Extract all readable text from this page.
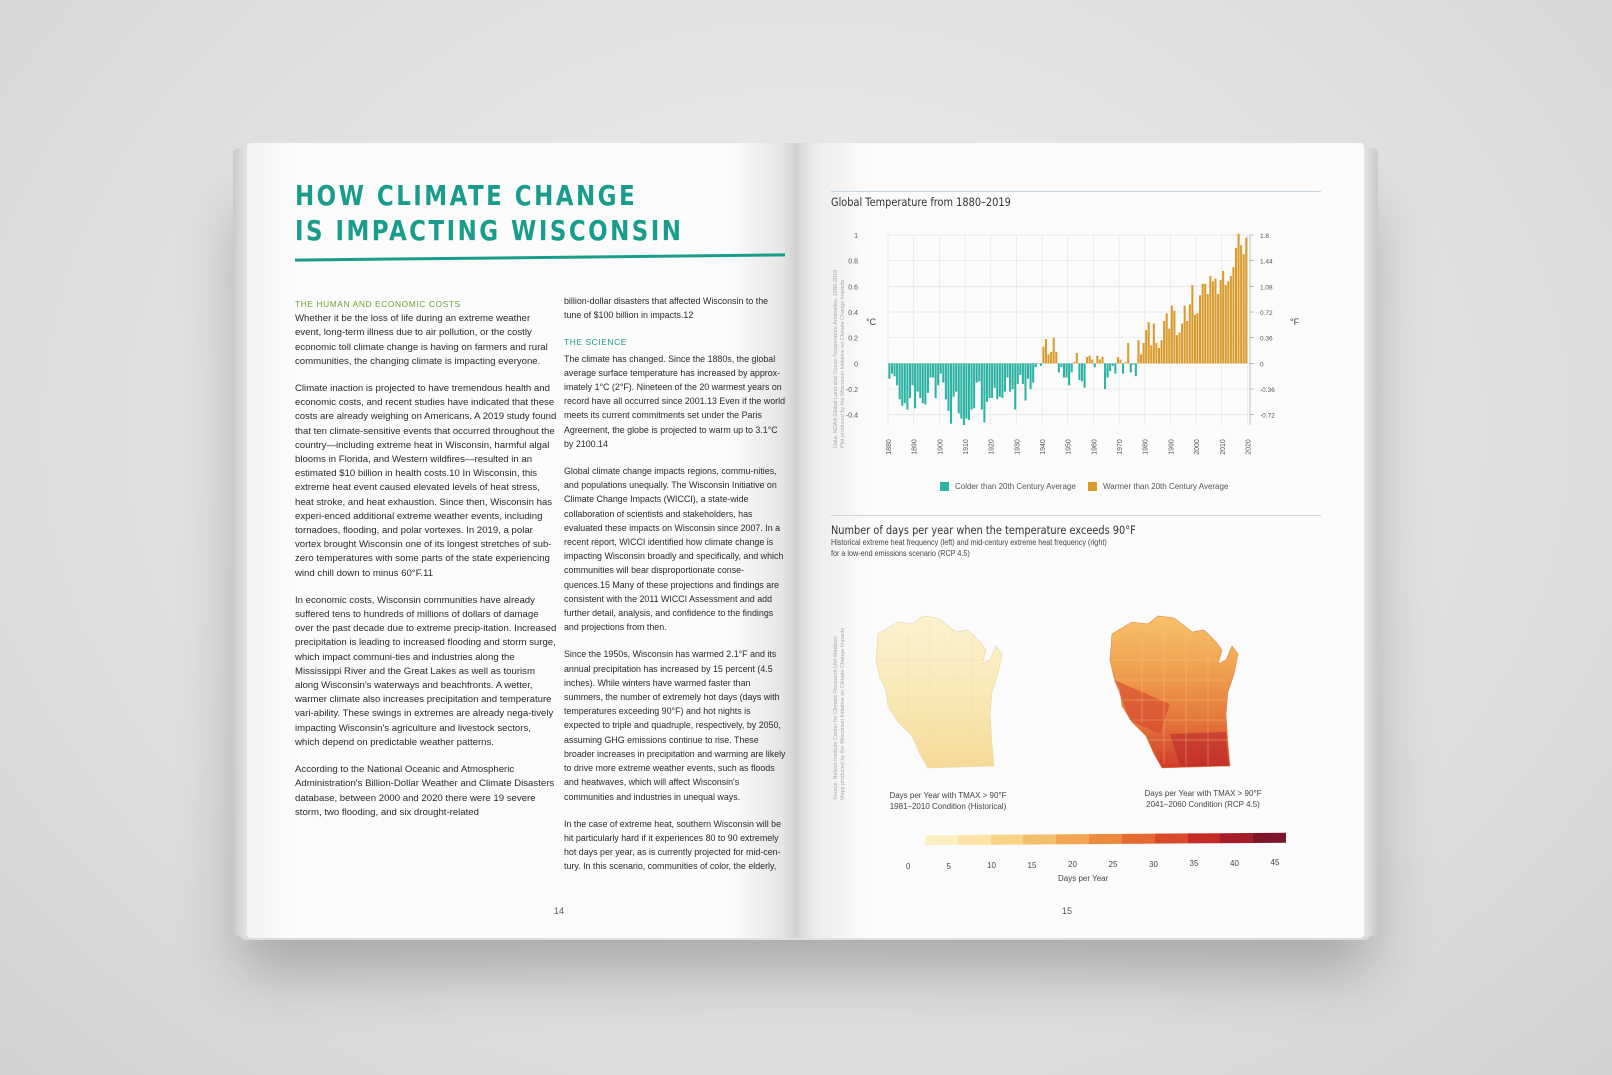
HOW CLIMATE CHANGE
IS IMPACTING WISCONSIN
THE HUMAN AND ECONOMIC COSTS

Whether it be the loss of life during an extreme weather event, long-term illness due to air pollution, or the costly economic toll climate change is having on farmers and rural communities, the changing climate is impacting everyone.

Climate inaction is projected to have tremendous health and economic costs, and recent studies have indicated that these costs are already weighing on Americans. A 2019 study found that ten climate-sensitive events that occurred throughout the country—including extreme heat in Wisconsin, harmful algal blooms in Florida, and Western wildfires—resulted in an estimated $10 billion in health costs.10 In Wisconsin, this extreme heat event caused elevated levels of heat stress, heat stroke, and heat exhaustion. Since then, Wisconsin has experi-enced additional extreme weather events, including tornadoes, flooding, and polar vortexes. In 2019, a polar vortex brought Wisconsin one of its longest stretches of sub-zero temperatures with some parts of the state experiencing wind chill down to minus 60°F.11

In economic costs, Wisconsin communities have already suffered tens to hundreds of millions of dollars of damage over the past decade due to extreme precip-itation. Increased precipitation is leading to increased flooding and storm surge, which impact communi-ties and industries along the Mississippi River and the Great Lakes as well as tourism along Wisconsin's waterways and beachfronts. A wetter, warmer climate also increases precipitation and temperature vari-ability. These swings in extremes are already nega-tively impacting Wisconsin's agriculture and livestock sectors, which depend on predictable weather patterns.

According to the National Oceanic and Atmospheric Administration's Billion-Dollar Weather and Climate Disasters database, between 2000 and 2020 there were 19 severe storm, two flooding, and six drought-related

billion-dollar disasters that affected Wisconsin to the tune of $100 billion in impacts.12

THE SCIENCE

The climate has changed. Since the 1880s, the global average surface temperature has increased by approx-imately 1°C (2°F). Nineteen of the 20 warmest years on record have all occurred since 2001.13 Even if the world meets its current commitments set under the Paris Agreement, the globe is projected to warm up to 3.1°C by 2100.14

Global climate change impacts regions, commu-nities, and populations unequally. The Wisconsin Initiative on Climate Change Impacts (WICCI), a state-wide collaboration of scientists and stakeholders, has evaluated these impacts on Wisconsin since 2007. In a recent report, WICCI identified how climate change is impacting Wisconsin broadly and specifically, and which communities will bear disproportionate conse-quences.15 Many of these projections and findings are consistent with the 2011 WICCI Assessment and add further detail, analysis, and confidence to the findings and projections from then.

Since the 1950s, Wisconsin has warmed 2.1°F and its annual precipitation has increased by 15 percent (4.5 inches). While winters have warmed faster than summers, the number of extremely hot days (days with temperatures exceeding 90°F) and hot nights is expected to triple and quadruple, respectively, by 2050, assuming GHG emissions continue to rise. These broader increases in precipitation and warming are likely to drive more extreme weather events, such as floods and heatwaves, which will affect Wisconsin's communities and industries in unequal ways.

In the case of extreme heat, southern Wisconsin will be hit particularly hard if it experiences 80 to 90 extremely hot days per year, as is currently projected for mid-cen-tury. In this scenario, communities of color, the elderly,

14
Global Temperature from 1880–2019
1880	1890	1900	1910	1920	1930	1940	1950	1960	1970	1980	1990	2000	2010	2020
1
0.8
0.6
0.4
0.2
0
-0.2
-0.4
1.8
1.44
1.08
0.72
0.36
0
-0.36
-0.72
°C	°F
Data: NOAA Global Land and Ocean Temperature Anomalies, 1880-2019
Plot produced by the Wisconsin Initiative on Climate Change Impacts
Colder than 20th Century Average	Warmer than 20th Century Average
Number of days per year when the temperature exceeds 90°F
Historical extreme heat frequency (left) and mid-century extreme heat frequency (right)
for a low-end emissions scenario (RCP 4.5)
Source: Nelson Institute Center for Climatic Research UW-Madison
Maps produced by the Wisconsin Initiative on Climate Change Impacts
Days per Year with TMAX > 90°F
1981–2010 Condition (Historical)
Days per Year with TMAX > 90°F
2041–2060 Condition (RCP 4.5)
0	5	10	15	20	25	30	35	40	45
Days per Year
15
